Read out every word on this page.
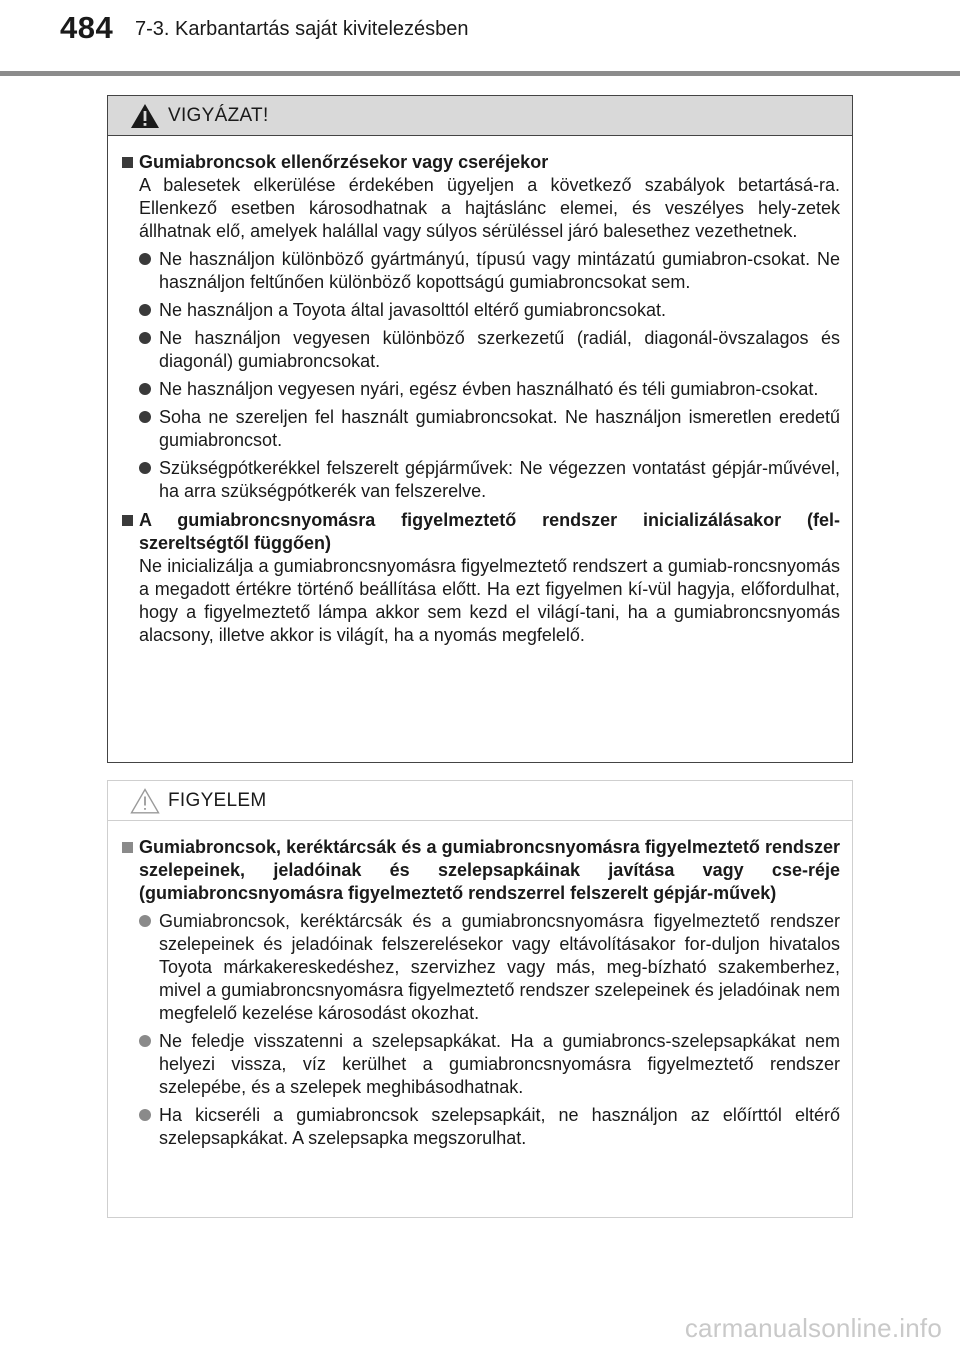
484 7-3. Karbantartás saját kivitelezésben
VIGYÁZAT!
Gumiabroncsok ellenőrzésekor vagy cseréjekor
A balesetek elkerülése érdekében ügyeljen a következő szabályok betartásá-ra. Ellenkező esetben károsodhatnak a hajtáslánc elemei, és veszélyes hely-zetek állhatnak elő, amelyek halállal vagy súlyos sérüléssel járó balesethez vezethetnek.
Ne használjon különböző gyártmányú, típusú vagy mintázatú gumiabron-csokat. Ne használjon feltűnően különböző kopottságú gumiabroncsokat sem.
Ne használjon a Toyota által javasolttól eltérő gumiabroncsokat.
Ne használjon vegyesen különböző szerkezetű (radiál, diagonál-övszalagos és diagonál) gumiabroncsokat.
Ne használjon vegyesen nyári, egész évben használható és téli gumiabron-csokat.
Soha ne szereljen fel használt gumiabroncsokat. Ne használjon ismeretlen eredetű gumiabroncsot.
Szükségpótkerékkel felszerelt gépjárművek: Ne végezzen vontatást gépjár-művével, ha arra szükségpótkerék van felszerelve.
A gumiabroncsnyomásra figyelmeztető rendszer inicializálásakor (fel-szereltségtől függően)
Ne inicializálja a gumiabroncsnyomásra figyelmeztető rendszert a gumiab-roncsnyomás a megadott értékre történő beállítása előtt. Ha ezt figyelmen kí-vül hagyja, előfordulhat, hogy a figyelmeztető lámpa akkor sem kezd el világí-tani, ha a gumiabroncsnyomás alacsony, illetve akkor is világít, ha a nyomás megfelelő.
FIGYELEM
Gumiabroncsok, keréktárcsák és a gumiabroncsnyomásra figyelmeztető rendszer szelepeinek, jeladóinak és szelepsapkáinak javítása vagy cse-réje (gumiabroncsnyomásra figyelmeztető rendszerrel felszerelt gépjár-művek)
Gumiabroncsok, keréktárcsák és a gumiabroncsnyomásra figyelmeztető rendszer szelepeinek és jeladóinak felszerelésekor vagy eltávolításakor for-duljon hivatalos Toyota márkakereskedéshez, szervizhez vagy más, meg-bízható szakemberhez, mivel a gumiabroncsnyomásra figyelmeztető rendszer szelepeinek és jeladóinak nem megfelelő kezelése károsodást okozhat.
Ne feledje visszatenni a szelepsapkákat. Ha a gumiabroncs-szelepsapkákat nem helyezi vissza, víz kerülhet a gumiabroncsnyomásra figyelmeztető rendszer szelepébe, és a szelepek meghibásodhatnak.
Ha kicseréli a gumiabroncsok szelepsapkáit, ne használjon az előírttól eltérő szelepsapkákat. A szelepsapka megszorulhat.
carmanualsonline.info
